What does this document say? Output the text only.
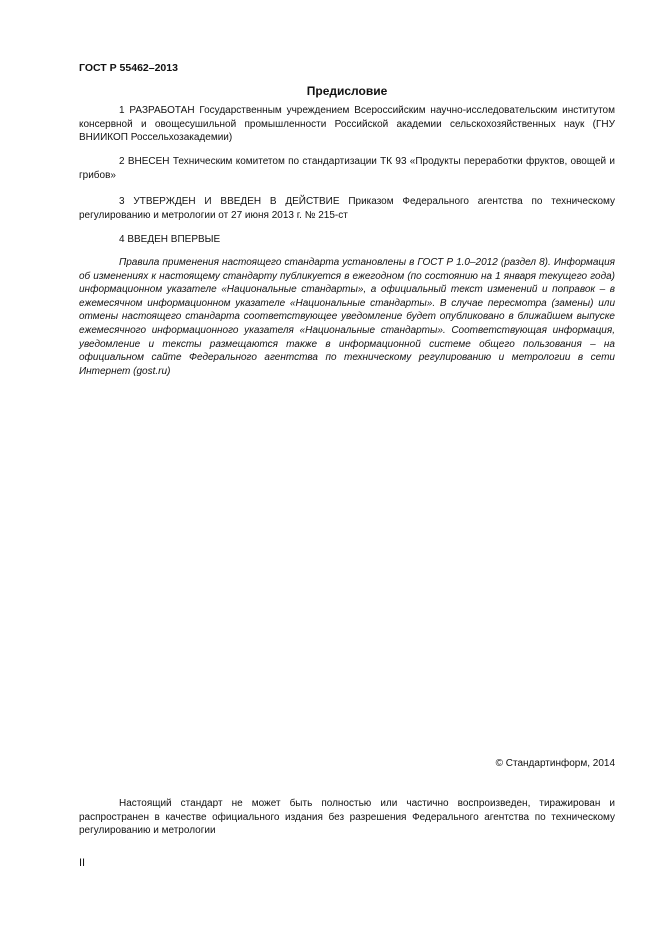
ГОСТ Р 55462–2013
Предисловие

1 РАЗРАБОТАН Государственным учреждением Всероссийским научно-исследовательским институтом консервной и овощесушильной промышленности Российской академии сельскохозяйственных наук (ГНУ ВНИИКОП Россельхозакадемии)

2 ВНЕСЕН Техническим комитетом по стандартизации ТК 93 «Продукты переработки фруктов, овощей и грибов»

3 УТВЕРЖДЕН И ВВЕДЕН В ДЕЙСТВИЕ Приказом Федерального агентства по техническому регулированию и метрологии от 27 июня 2013 г. № 215-ст

4 ВВЕДЕН ВПЕРВЫЕ

Правила применения настоящего стандарта установлены в ГОСТ Р 1.0–2012 (раздел 8). Информация об изменениях к настоящему стандарту публикуется в ежегодном (по состоянию на 1 января текущего года) информационном указателе «Национальные стандарты», а официальный текст изменений и поправок – в ежемесячном информационном указателе «Национальные стандарты». В случае пересмотра (замены) или отмены настоящего стандарта соответствующее уведомление будет опубликовано в ближайшем выпуске ежемесячного информационного указателя «Национальные стандарты». Соответствующая информация, уведомление и тексты размещаются также в информационной системе общего пользования – на официальном сайте Федерального агентства по техническому регулированию и метрологии в сети Интернет (gost.ru)

© Стандартинформ, 2014

Настоящий стандарт не может быть полностью или частично воспроизведен, тиражирован и распространен в качестве официального издания без разрешения Федерального агентства по техническому регулированию и метрологии

II
